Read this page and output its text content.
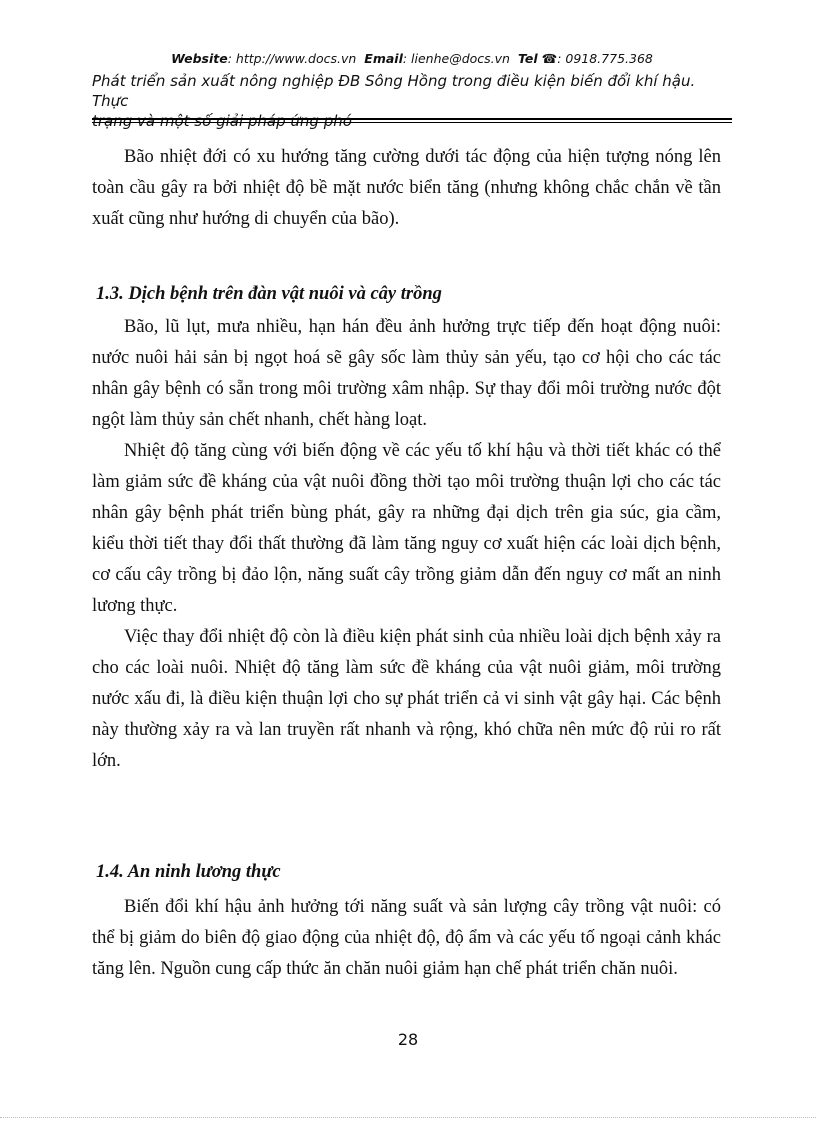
Website: http://www.docs.vn Email: lienhe@docs.vn Tel ☎: 0918.775.368
Phát triển sản xuất nông nghiệp ĐB Sông Hồng trong điều kiện biến đổi khí hậu. Thực
trạng và một số giải pháp ứng phó

Bão nhiệt đới có xu hướng tăng cường dưới tác động của hiện tượng nóng lên toàn cầu gây ra bởi nhiệt độ bề mặt nước biển tăng (nhưng không chắc chắn về tần xuất cũng như hướng di chuyển của bão).

1.3. Dịch bệnh trên đàn vật nuôi và cây trồng

Bão, lũ lụt, mưa nhiều, hạn hán đều ảnh hưởng trực tiếp đến hoạt động nuôi: nước nuôi hải sản bị ngọt hoá sẽ gây sốc làm thủy sản yếu, tạo cơ hội cho các tác nhân gây bệnh có sẵn trong môi trường xâm nhập. Sự thay đổi môi trường nước đột ngột làm thủy sản chết nhanh, chết hàng loạt.

Nhiệt độ tăng cùng với biến động về các yếu tố khí hậu và thời tiết khác có thể làm giảm sức đề kháng của vật nuôi đồng thời tạo môi trường thuận lợi cho các tác nhân gây bệnh phát triển bùng phát, gây ra những đại dịch trên gia súc, gia cầm, kiểu thời tiết thay đổi thất thường đã làm tăng nguy cơ xuất hiện các loài dịch bệnh, cơ cấu cây trồng bị đảo lộn, năng suất cây trồng giảm dẫn đến nguy cơ mất an ninh lương thực.

Việc thay đổi nhiệt độ còn là điều kiện phát sinh của nhiều loài dịch bệnh xảy ra cho các loài nuôi. Nhiệt độ tăng làm sức đề kháng của vật nuôi giảm, môi trường nước xấu đi, là điều kiện thuận lợi cho sự phát triển cả vi sinh vật gây hại. Các bệnh này thường xảy ra và lan truyền rất nhanh và rộng, khó chữa nên mức độ rủi ro rất lớn.

1.4. An ninh lương thực

Biến đổi khí hậu ảnh hưởng tới năng suất và sản lượng cây trồng vật nuôi: có thể bị giảm do biên độ giao động của nhiệt độ, độ ẩm và các yếu tố ngoại cảnh khác tăng lên. Nguồn cung cấp thức ăn chăn nuôi giảm hạn chế phát triển chăn nuôi.

28
